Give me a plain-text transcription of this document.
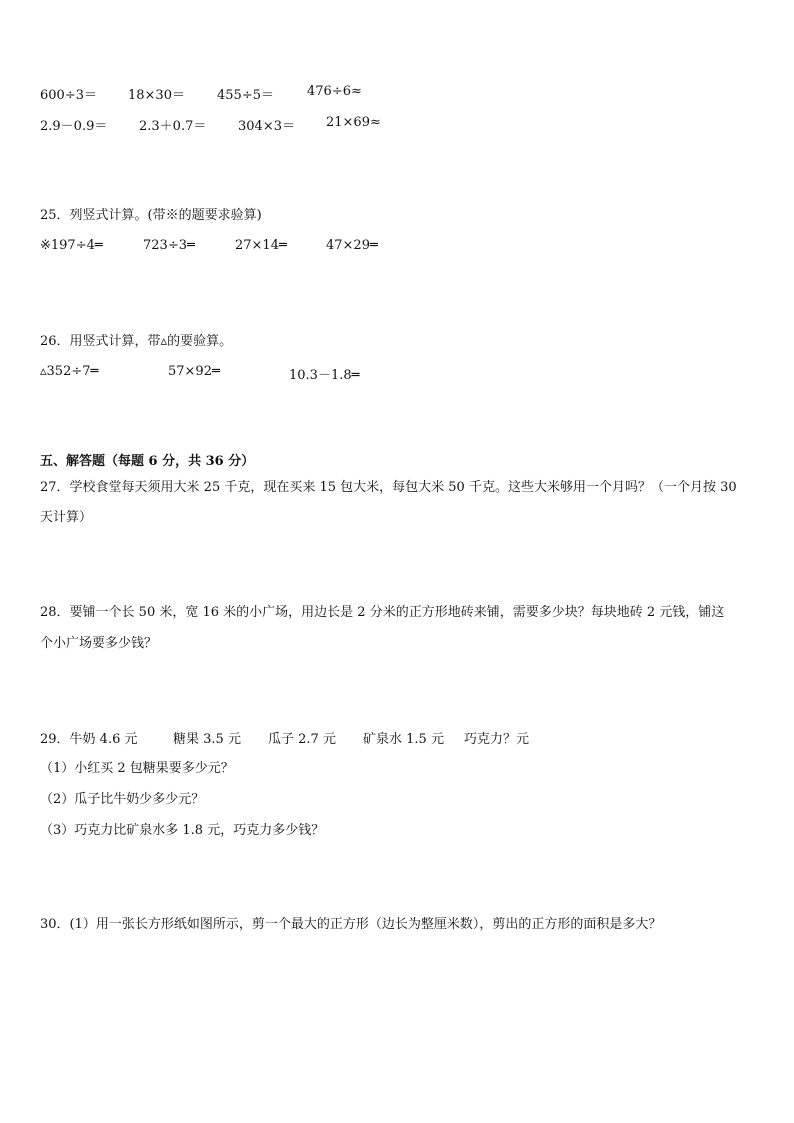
600÷3＝ 18×30＝ 455÷5＝	476÷6≈
2.9－0.9＝ 2.3＋0.7＝ 304×3＝ 21×69≈
25．列竖式计算。(带※的题要求验算)
※197÷4═	723÷3═	27×14═	47×29═
26．用竖式计算，带▵的要验算。
▵352÷7═	57×92═	10.3－1.8═
五、解答题（每题 6 分，共 36 分）
27．学校食堂每天须用大米 25 千克，现在买来 15 包大米，每包大米 50 千克。这些大米够用一个月吗？（一个月按 30
天计算）
28．要铺一个长 50 米，宽 16 米的小广场，用边长是 2 分米的正方形地砖来铺，需要多少块？每块地砖 2 元钱，铺这
个小广场要多少钱？
29．牛奶 4.6 元	糖果 3.5 元 瓜子 2.7 元 矿泉水 1.5 元 巧克力？元
（1）小红买 2 包糖果要多少元？
（2）瓜子比牛奶少多少元？
（3）巧克力比矿泉水多 1.8 元，巧克力多少钱？
30．(1）用一张长方形纸如图所示，剪一个最大的正方形（边长为整厘米数），剪出的正方形的面积是多大？
